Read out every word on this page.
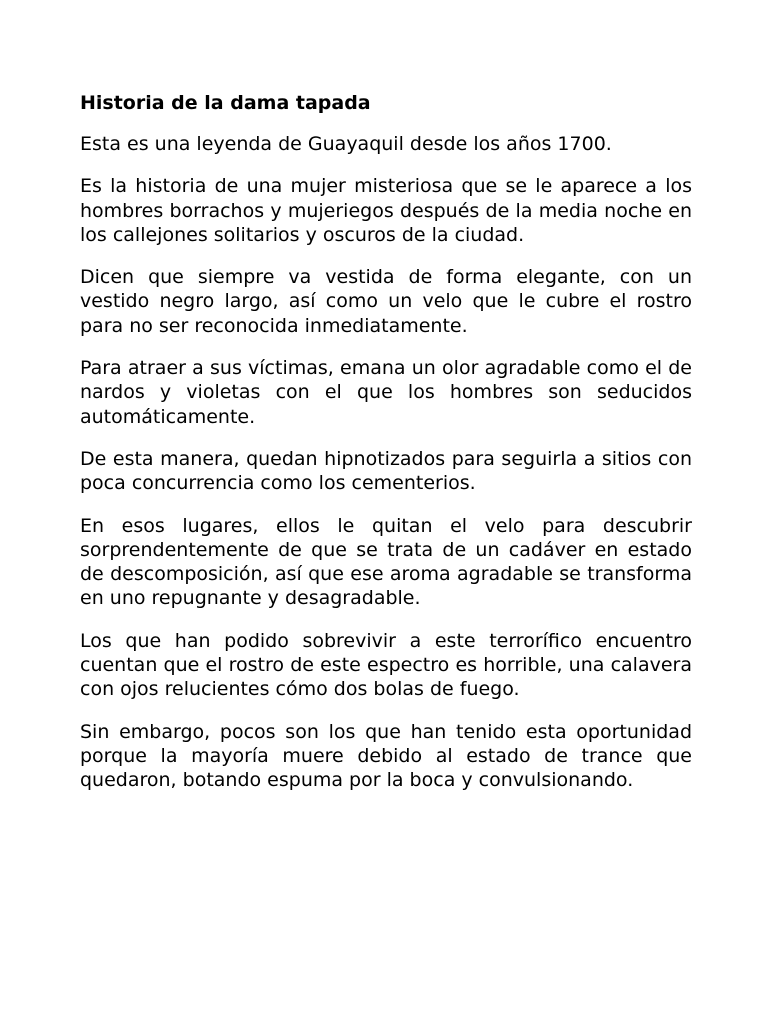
Historia de la dama tapada

Esta es una leyenda de Guayaquil desde los años 1700.

Es la historia de una mujer misteriosa que se le aparece a los hombres borrachos y mujeriegos después de la media noche en los callejones solitarios y oscuros de la ciudad.

Dicen que siempre va vestida de forma elegante, con un vestido negro largo, así como un velo que le cubre el rostro para no ser reconocida inmediatamente.

Para atraer a sus víctimas, emana un olor agradable como el de nardos y violetas con el que los hombres son seducidos automáticamente.

De esta manera, quedan hipnotizados para seguirla a sitios con poca concurrencia como los cementerios.

En esos lugares, ellos le quitan el velo para descubrir sorprendentemente de que se trata de un cadáver en estado de descomposición, así que ese aroma agradable se transforma en uno repugnante y desagradable.

Los que han podido sobrevivir a este terrorífico encuentro cuentan que el rostro de este espectro es horrible, una calavera con ojos relucientes cómo dos bolas de fuego.

Sin embargo, pocos son los que han tenido esta oportunidad porque la mayoría muere debido al estado de trance que quedaron, botando espuma por la boca y convulsionando.
